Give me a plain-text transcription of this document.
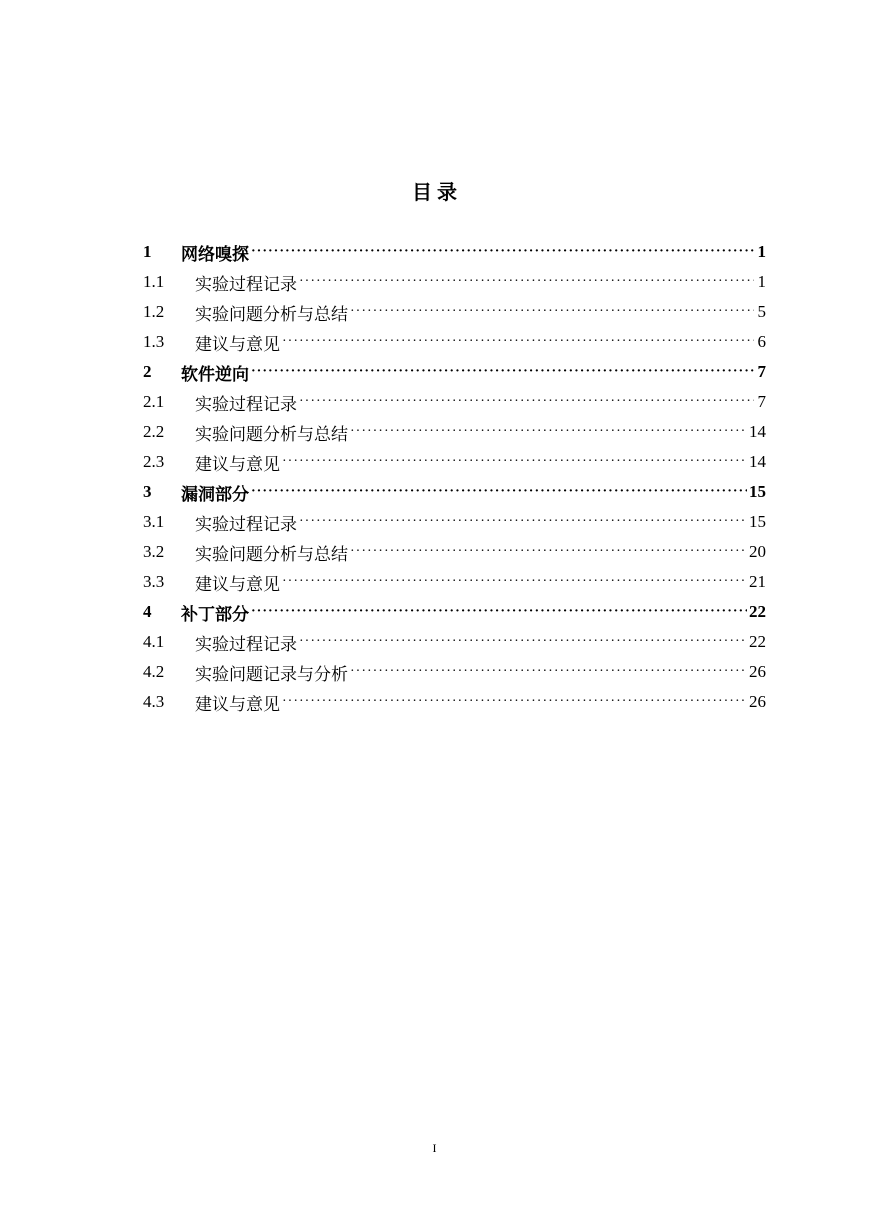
目 录
1	网络嗅探 ·····	1
1.1	实验过程记录 ·····	1
1.2	实验问题分析与总结 ·····	5
1.3	建议与意见 ·····	6
2	软件逆向 ·····	7
2.1	实验过程记录 ·····	7
2.2	实验问题分析与总结 ·····	14
2.3	建议与意见 ·····	14
3	漏洞部分 ·····	15
3.1	实验过程记录 ·····	15
3.2	实验问题分析与总结 ·····	20
3.3	建议与意见 ·····	21
4	补丁部分 ·····	22
4.1	实验过程记录 ·····	22
4.2	实验问题记录与分析 ·····	26
4.3	建议与意见 ·····	26
I
